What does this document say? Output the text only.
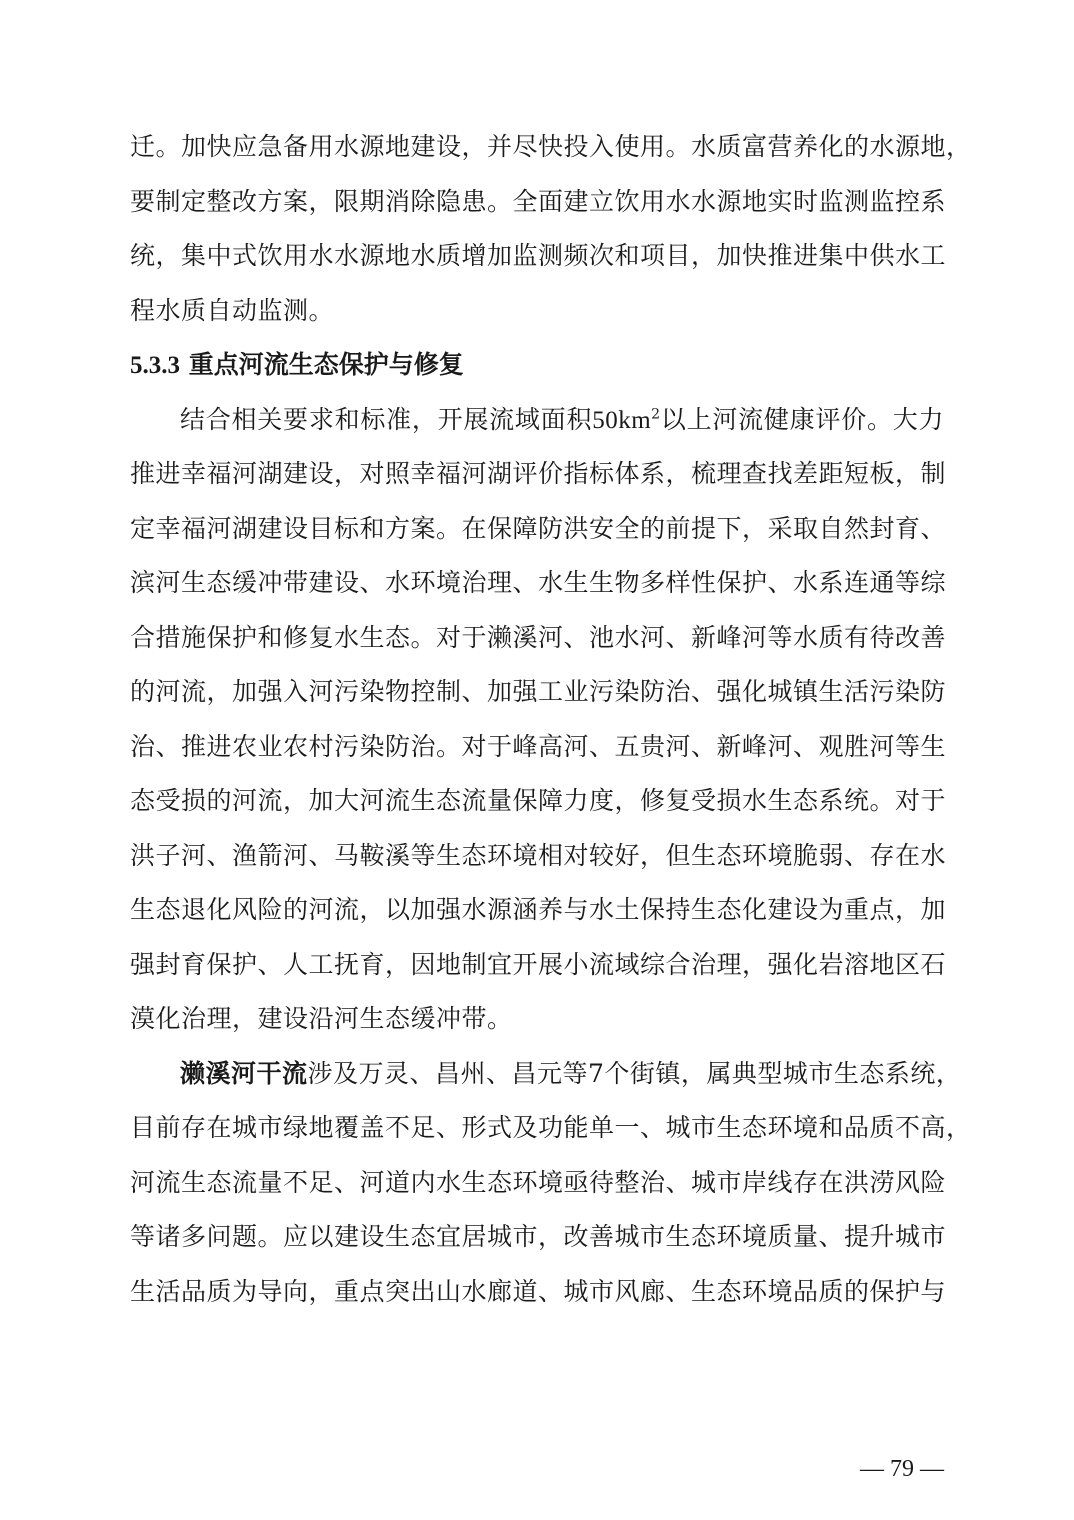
迁。加快应急备用水源地建设，并尽快投入使用。水质富营养化的水源地，
要制定整改方案，限期消除隐患。全面建立饮用水水源地实时监测监控系
统，集中式饮用水水源地水质增加监测频次和项目，加快推进集中供水工
程水质自动监测。
5.3.3 重点河流生态保护与修复
结合相关要求和标准，开展流域面积$50km^2$以上河流健康评价。大力
推进幸福河湖建设，对照幸福河湖评价指标体系，梳理查找差距短板，制
定幸福河湖建设目标和方案。在保障防洪安全的前提下，采取自然封育、
滨河生态缓冲带建设、水环境治理、水生生物多样性保护、水系连通等综
合措施保护和修复水生态。对于濑溪河、池水河、新峰河等水质有待改善
的河流，加强入河污染物控制、加强工业污染防治、强化城镇生活污染防
治、推进农业农村污染防治。对于峰高河、五贵河、新峰河、观胜河等生
态受损的河流，加大河流生态流量保障力度，修复受损水生态系统。对于
洪子河、渔箭河、马鞍溪等生态环境相对较好，但生态环境脆弱、存在水
生态退化风险的河流，以加强水源涵养与水土保持生态化建设为重点，加
强封育保护、人工抚育，因地制宜开展小流域综合治理，强化岩溶地区石
漠化治理，建设沿河生态缓冲带。
濑溪河干流涉及万灵、昌州、昌元等7个街镇，属典型城市生态系统，
目前存在城市绿地覆盖不足、形式及功能单一、城市生态环境和品质不高，
河流生态流量不足、河道内水生态环境亟待整治、城市岸线存在洪涝风险
等诸多问题。应以建设生态宜居城市，改善城市生态环境质量、提升城市
生活品质为导向，重点突出山水廊道、城市风廊、生态环境品质的保护与
— 79 —
